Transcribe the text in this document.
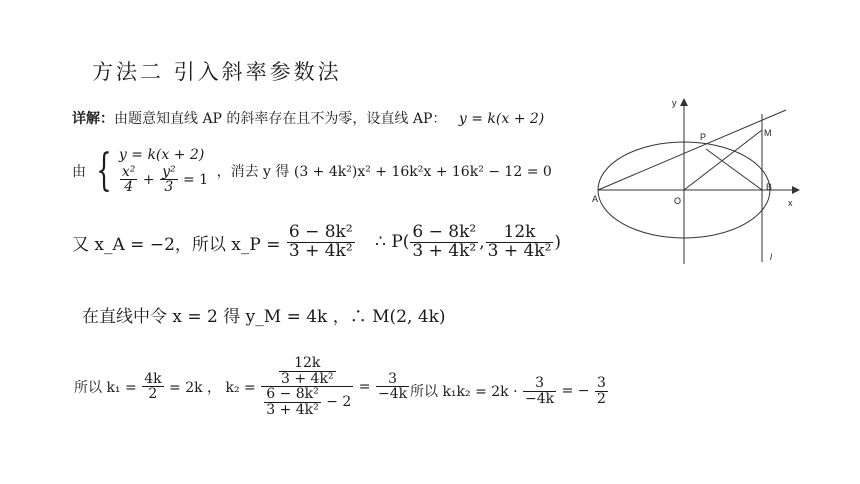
方法二 引入斜率参数法
详解：由题意知直线 AP 的斜率存在且不为零，设直线 AP： y = k(x + 2)
由 { y = k(x + 2)
$\frac{\text{x²}}{4} + \frac{\text{y²}}{3} = 1$ ，消去 y 得 (3 + 4k²)x² + 16k²x + 16k² − 12 = 0
又 x_A = −2，所以 x_P = $\frac{\text{6 − 8k²}}{\text{3 + 4k²}}$ ∴ $P( \frac{\text{6 − 8k²}}{\text{3 + 4k²}}$ , $\frac{12k}{\text{3 + 4k²}}$ )
在直线中令 x = 2 得 y_M = 4k ，∴ M(2, 4k)
所以 $k_1 = \frac{4k}{2} = 2k$ ， $k_2 = \frac{\frac{12k}{\text{3 + 4k²}}}{\frac{\text{6 − 8k²}}{\text{3 + 4k²}} - 2} = \frac{3}{-4k}$ 所以 $k_1k_2 = 2k \cdot \frac{3}{-4k}$ = − $\frac{3}{2}$
y
x
A	O
B
P	M
l
